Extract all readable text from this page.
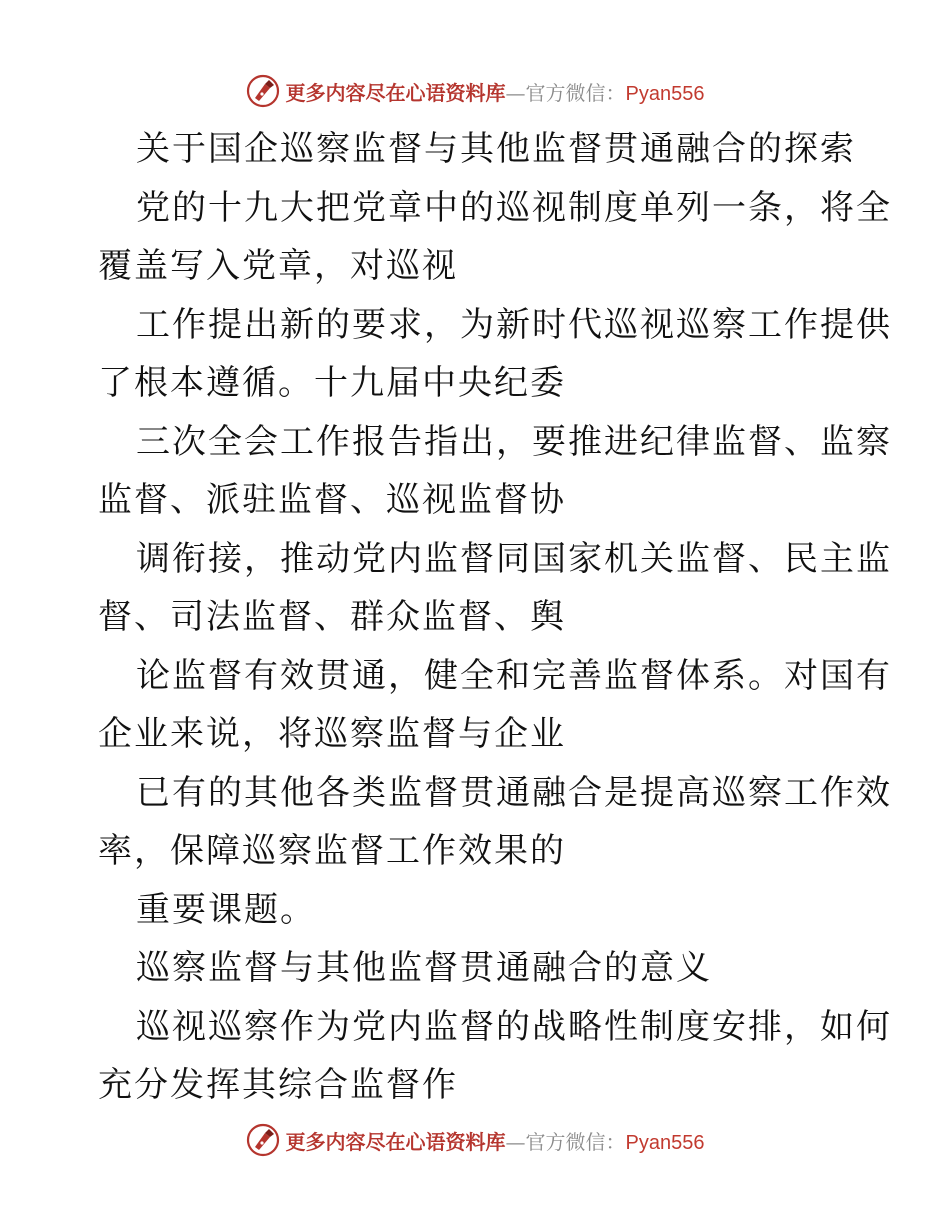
更多内容尽在心语资料库—官方微信：Pyan556
关于国企巡察监督与其他监督贯通融合的探索
党的十九大把党章中的巡视制度单列一条，将全
覆盖写入党章，对巡视
工作提出新的要求，为新时代巡视巡察工作提供
了根本遵循。十九届中央纪委
三次全会工作报告指出，要推进纪律监督、监察
监督、派驻监督、巡视监督协
调衔接，推动党内监督同国家机关监督、民主监
督、司法监督、群众监督、舆
论监督有效贯通，健全和完善监督体系。对国有
企业来说，将巡察监督与企业
已有的其他各类监督贯通融合是提高巡察工作效
率，保障巡察监督工作效果的
重要课题。
巡察监督与其他监督贯通融合的意义
巡视巡察作为党内监督的战略性制度安排，如何
充分发挥其综合监督作
更多内容尽在心语资料库—官方微信：Pyan556
